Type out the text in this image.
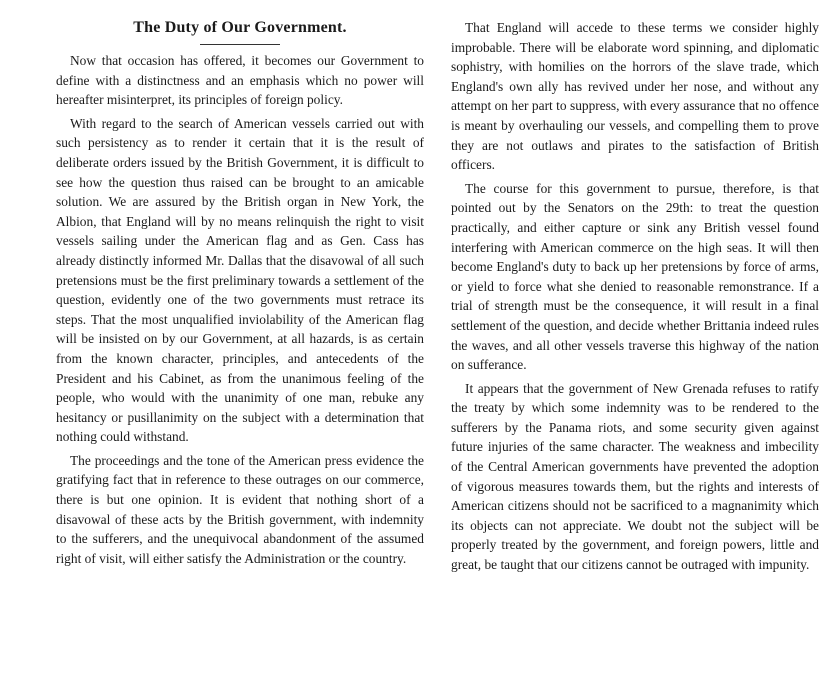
The Duty of Our Government.

Now that occasion has offered, it becomes our Government to define with a distinctness and an emphasis which no power will hereafter misinterpret, its principles of foreign policy.

With regard to the search of American vessels carried out with such persistency as to render it certain that it is the result of deliberate orders issued by the British Government, it is difficult to see how the question thus raised can be brought to an amicable solution. We are assured by the British organ in New York, the Albion, that England will by no means relinquish the right to visit vessels sailing under the American flag and as Gen. Cass has already distinctly informed Mr. Dallas that the disavowal of all such pretensions must be the first preliminary towards a settlement of the question, evidently one of the two governments must retrace its steps. That the most unqualified inviolability of the American flag will be insisted on by our Government, at all hazards, is as certain from the known character, principles, and antecedents of the President and his Cabinet, as from the unanimous feeling of the people, who would with the unanimity of one man, rebuke any hesitancy or pusillanimity on the subject with a determination that nothing could withstand.

The proceedings and the tone of the American press evidence the gratifying fact that in reference to these outrages on our commerce, there is but one opinion. It is evident that nothing short of a disavowal of these acts by the British government, with indemnity to the sufferers, and the unequivocal abandonment of the assumed right of visit, will either satisfy the Administration or the country.

That England will accede to these terms we consider highly improbable. There will be elaborate word spinning, and diplomatic sophistry, with homilies on the horrors of the slave trade, which England's own ally has revived under her nose, and without any attempt on her part to suppress, with every assurance that no offence is meant by overhauling our vessels, and compelling them to prove they are not outlaws and pirates to the satisfaction of British officers.

The course for this government to pursue, therefore, is that pointed out by the Senators on the 29th: to treat the question practically, and either capture or sink any British vessel found interfering with American commerce on the high seas. It will then become England's duty to back up her pretensions by force of arms, or yield to force what she denied to reasonable remonstrance. If a trial of strength must be the consequence, it will result in a final settlement of the question, and decide whether Brittania indeed rules the waves, and all other vessels traverse this highway of the nation on sufferance.

It appears that the government of New Grenada refuses to ratify the treaty by which some indemnity was to be rendered to the sufferers by the Panama riots, and some security given against future injuries of the same character. The weakness and imbecility of the Central American governments have prevented the adoption of vigorous measures towards them, but the rights and interests of American citizens should not be sacrificed to a magnanimity which its objects can not appreciate. We doubt not the subject will be properly treated by the government, and foreign powers, little and great, be taught that our citizens cannot be outraged with impunity.
